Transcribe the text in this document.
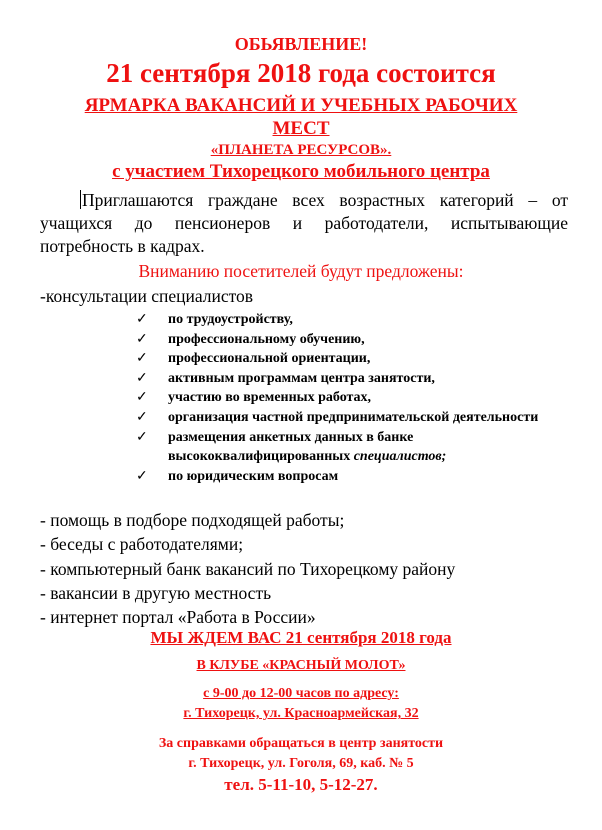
ОБЬЯВЛЕНИЕ!
21 сентября 2018 года состоится
ЯРМАРКА ВАКАНСИЙ И УЧЕБНЫХ РАБОЧИХ
МЕСТ
«ПЛАНЕТА РЕСУРСОВ».
с участием Тихорецкого мобильного центра
Приглашаются граждане всех возрастных категорий – от учащихся до пенсионеров и работодатели, испытывающие потребность в кадрах.
Вниманию посетителей будут предложены:
-консультации специалистов
✓ по трудоустройству,
✓ профессиональному обучению,
✓ профессиональной ориентации,
✓ активным программам центра занятости,
✓ участию во временных работах,
✓ организация частной предпринимательской деятельности
✓ размещения анкетных данных в банке высококвалифицированных специалистов;
✓ по юридическим вопросам
- помощь в подборе подходящей работы;
- беседы с работодателями;
- компьютерный банк вакансий по Тихорецкому району
- вакансии в другую местность
- интернет портал «Работа в России»
МЫ ЖДЕМ ВАС 21 сентября 2018 года
В КЛУБЕ «КРАСНЫЙ МОЛОТ»
с 9-00 до 12-00 часов по адресу:
г. Тихорецк, ул. Красноармейская, 32
За справками обращаться в центр занятости
г. Тихорецк, ул. Гоголя, 69, каб. № 5
тел. 5-11-10, 5-12-27.
